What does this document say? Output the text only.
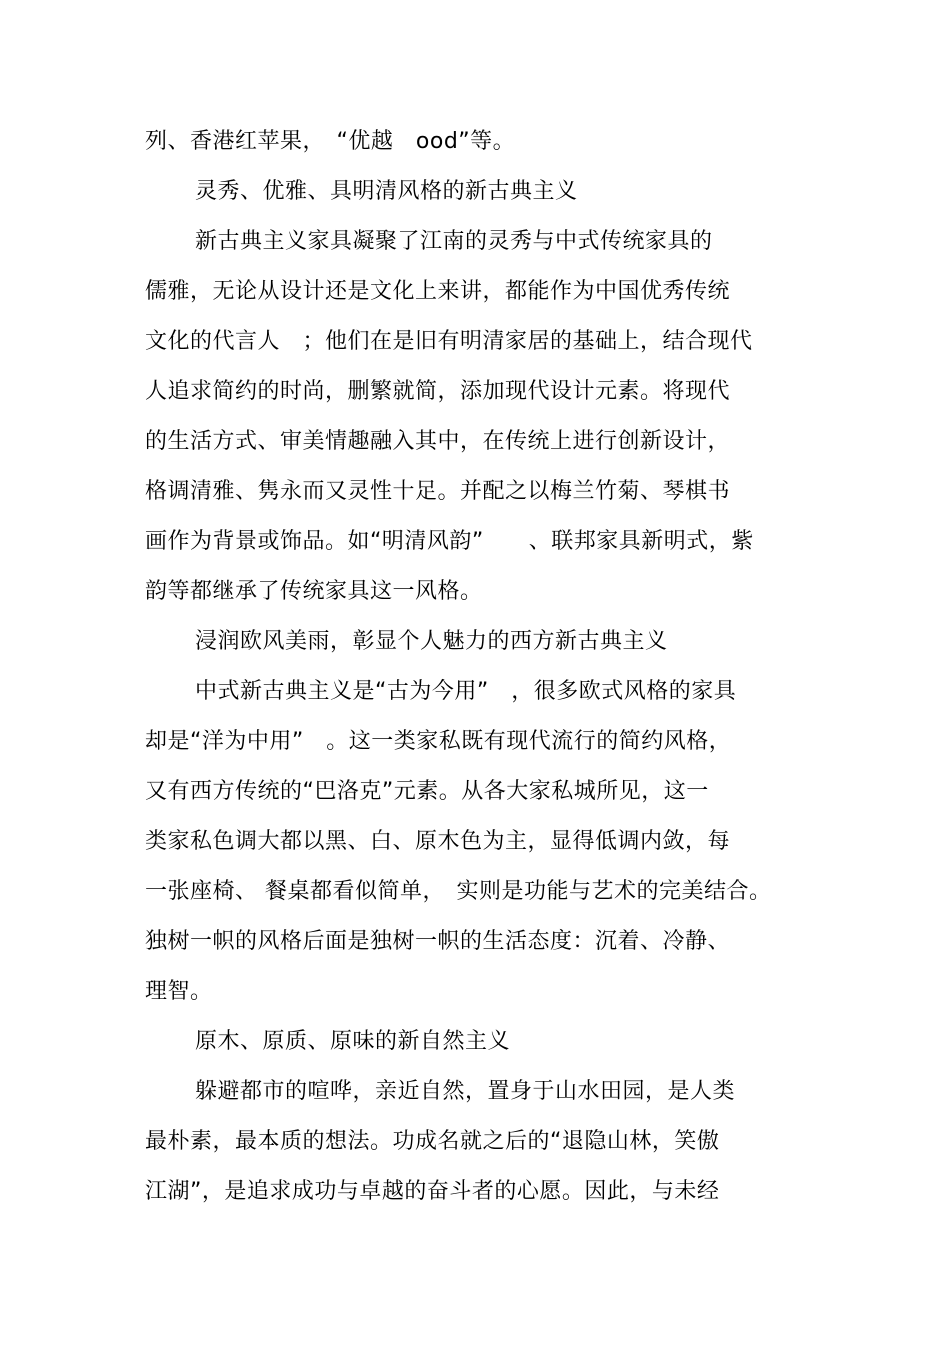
列、香港红苹果，　“优越　ood”等。
灵秀、优雅、具明清风格的新古典主义
新古典主义家具凝聚了江南的灵秀与中式传统家具的
儒雅，无论从设计还是文化上来讲，都能作为中国优秀传统
文化的代言人　；他们在是旧有明清家居的基础上，结合现代
人追求简约的时尚，删繁就简，添加现代设计元素。将现代
的生活方式、审美情趣融入其中，在传统上进行创新设计，
格调清雅、隽永而又灵性十足。并配之以梅兰竹菊、琴棋书
画作为背景或饰品。如“明清风韵”　　、联邦家具新明式，紫
韵等都继承了传统家具这一风格。
浸润欧风美雨，彰显个人魅力的西方新古典主义
中式新古典主义是“古为今用”　，很多欧式风格的家具
却是“洋为中用”　。这一类家私既有现代流行的简约风格，
又有西方传统的“巴洛克”元素。从各大家私城所见，这一
类家私色调大都以黑、白、原木色为主，显得低调内敛，每
一张座椅、 餐桌都看似简单，　实则是功能与艺术的完美结合。
独树一帜的风格后面是独树一帜的生活态度：沉着、冷静、
理智。
原木、原质、原味的新自然主义
躲避都市的喧哗，亲近自然，置身于山水田园，是人类
最朴素，最本质的想法。功成名就之后的“退隐山林，笑傲
江湖”，是追求成功与卓越的奋斗者的心愿。因此，与未经
